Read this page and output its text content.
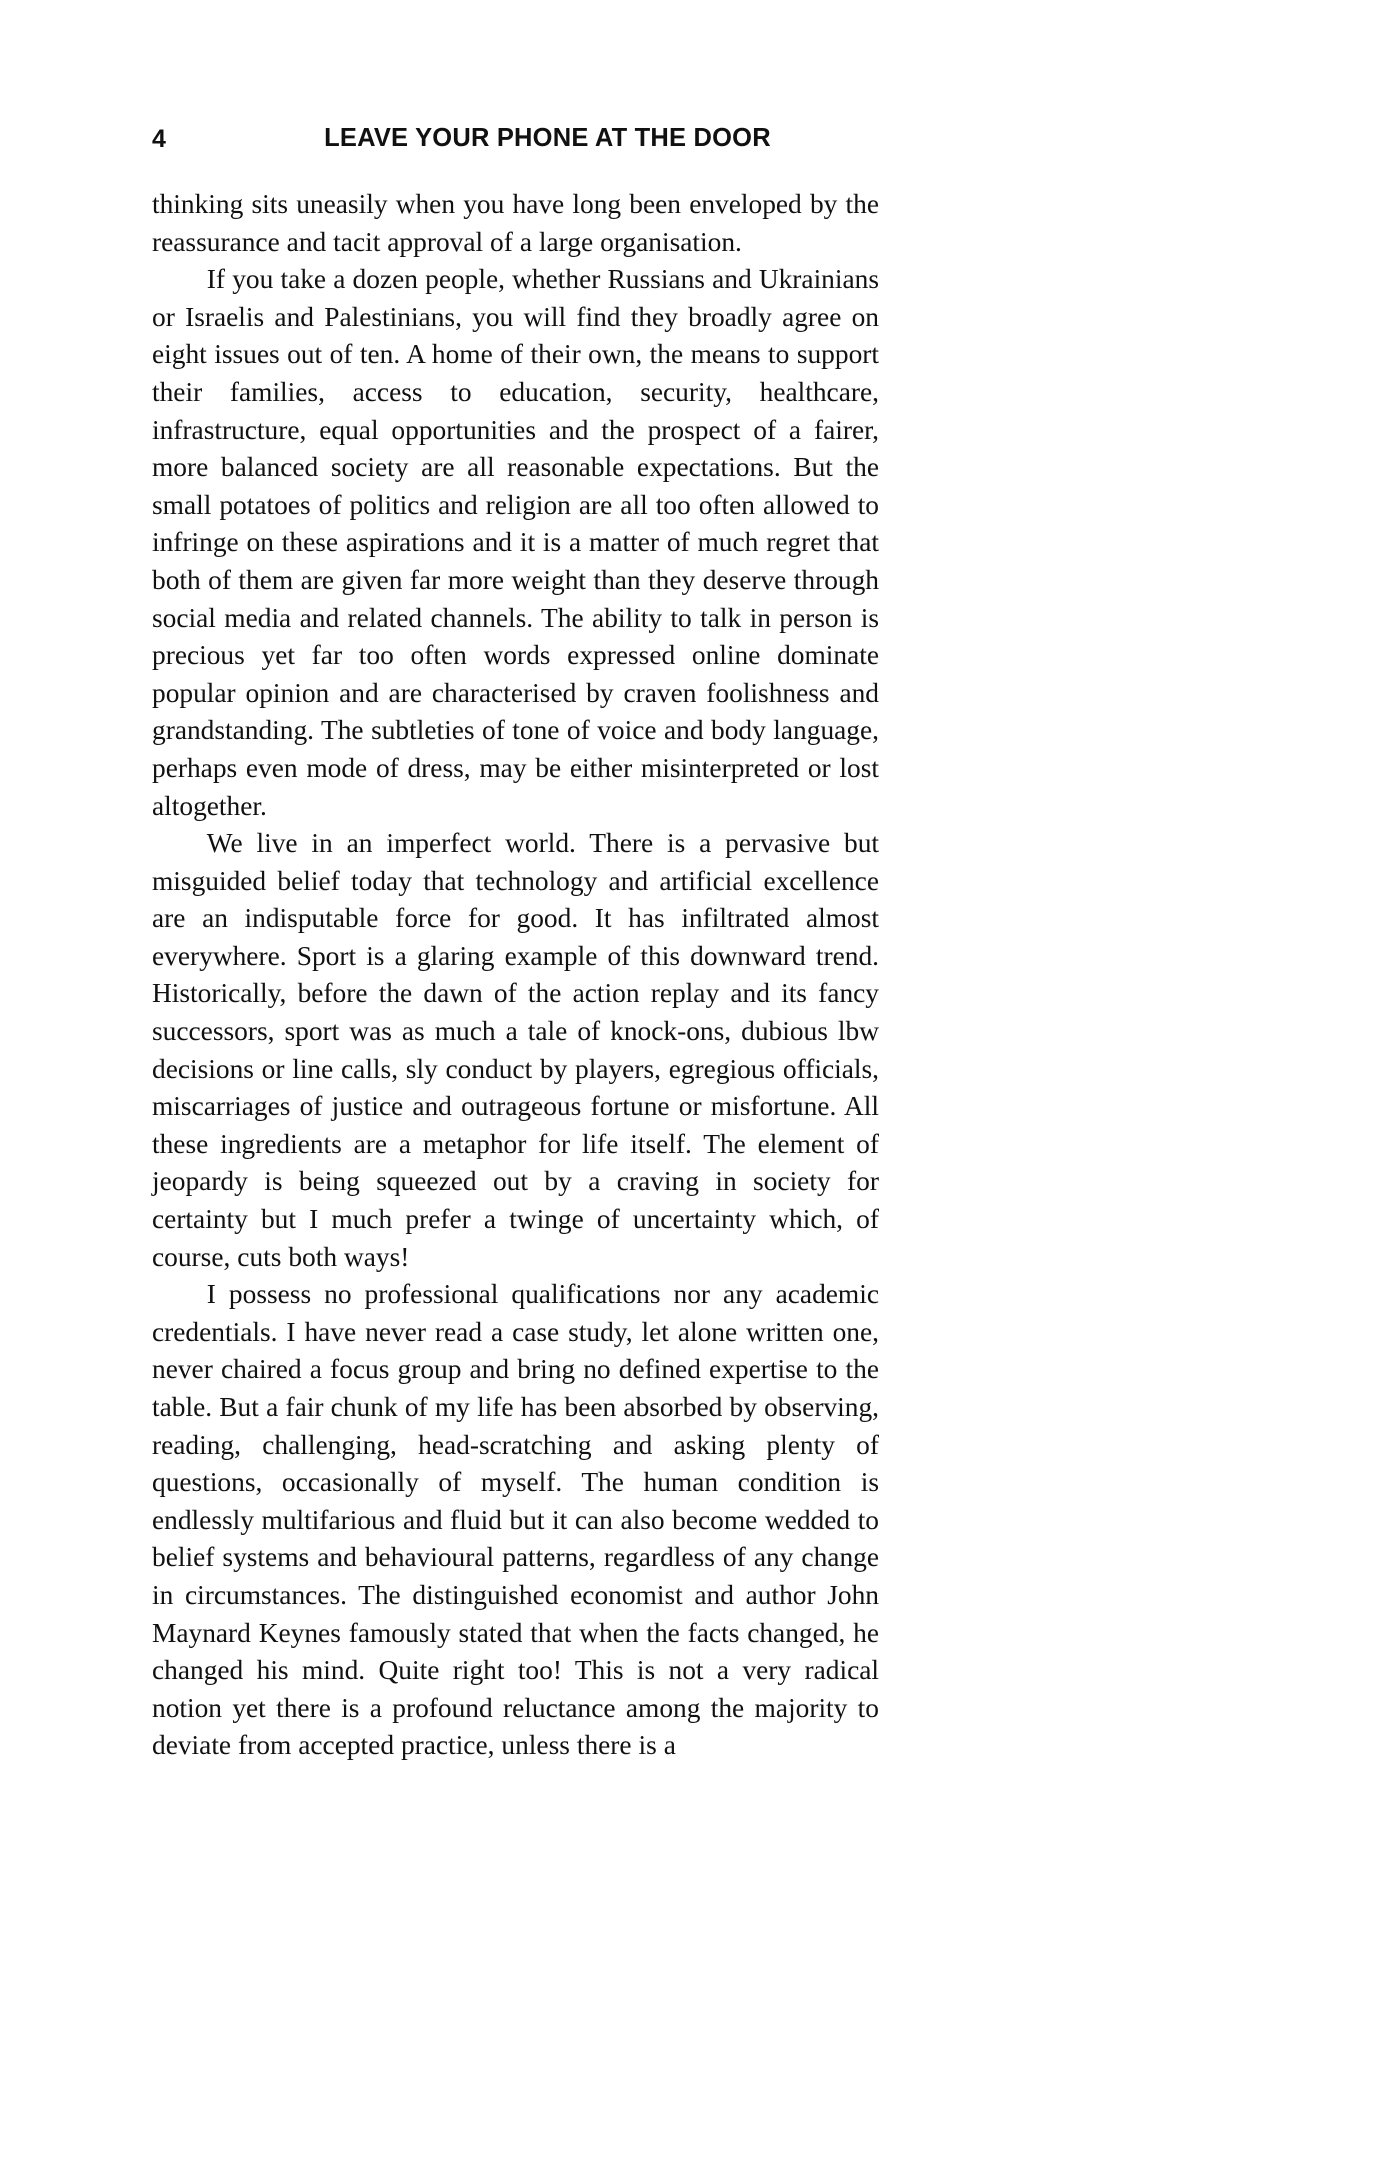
4	LEAVE YOUR PHONE AT THE DOOR

thinking sits uneasily when you have long been enveloped by the reassurance and tacit approval of a large organisation.

If you take a dozen people, whether Russians and Ukrainians or Israelis and Palestinians, you will find they broadly agree on eight issues out of ten. A home of their own, the means to support their families, access to education, security, healthcare, infrastructure, equal opportunities and the prospect of a fairer, more balanced society are all reasonable expectations. But the small potatoes of politics and religion are all too often allowed to infringe on these aspirations and it is a matter of much regret that both of them are given far more weight than they deserve through social media and related channels. The ability to talk in person is precious yet far too often words expressed online dominate popular opinion and are characterised by craven foolishness and grandstanding. The subtleties of tone of voice and body language, perhaps even mode of dress, may be either misinterpreted or lost altogether.

We live in an imperfect world. There is a pervasive but misguided belief today that technology and artificial excellence are an indisputable force for good. It has infiltrated almost everywhere. Sport is a glaring example of this downward trend. Historically, before the dawn of the action replay and its fancy successors, sport was as much a tale of knock-ons, dubious lbw decisions or line calls, sly conduct by players, egregious officials, miscarriages of justice and outrageous fortune or misfortune. All these ingredients are a metaphor for life itself. The element of jeopardy is being squeezed out by a craving in society for certainty but I much prefer a twinge of uncertainty which, of course, cuts both ways!

I possess no professional qualifications nor any academic credentials. I have never read a case study, let alone written one, never chaired a focus group and bring no defined expertise to the table. But a fair chunk of my life has been absorbed by observing, reading, challenging, head-scratching and asking plenty of questions, occasionally of myself. The human condition is endlessly multifarious and fluid but it can also become wedded to belief systems and behavioural patterns, regardless of any change in circumstances. The distinguished economist and author John Maynard Keynes famously stated that when the facts changed, he changed his mind. Quite right too! This is not a very radical notion yet there is a profound reluctance among the majority to deviate from accepted practice, unless there is a
